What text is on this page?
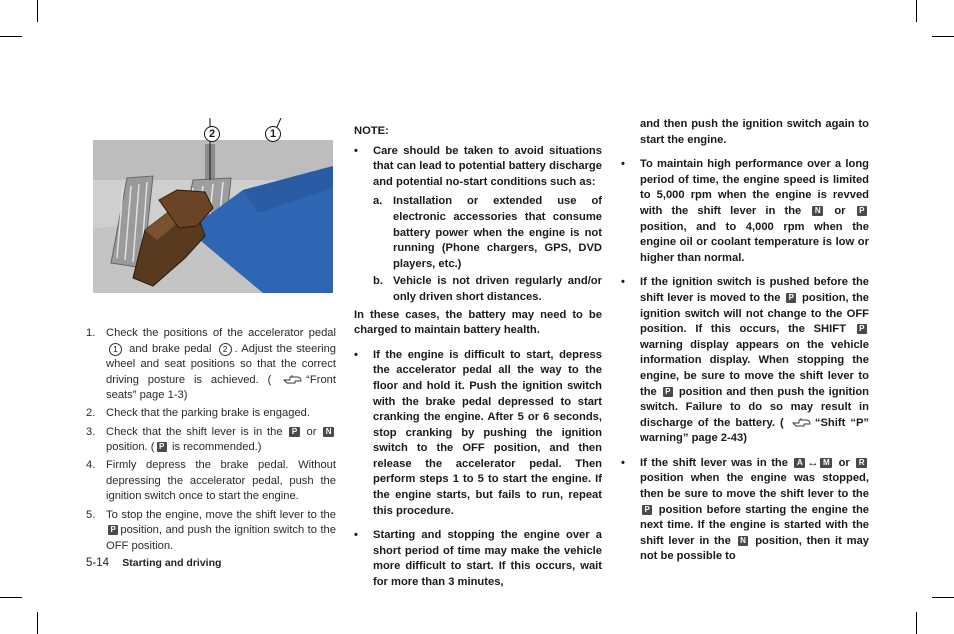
2	1
1. Check the positions of the accelerator pedal 1 and brake pedal 2 . Adjust the steering wheel and seat positions so that the correct driving posture is achieved. (	“Front seats” page 1-3)
2. Check that the parking brake is engaged.
3. Check that the shift lever is in the P or N position. ( P is recommended.)
4. Firmly depress the brake pedal. Without depressing the accelerator pedal, push the ignition switch once to start the engine.
5. To stop the engine, move the shift lever to the P position, and push the ignition switch to the OFF position.
NOTE:
• Care should be taken to avoid situations that can lead to potential battery discharge and potential no-start conditions such as:
a. Installation or extended use of electronic accessories that consume battery power when the engine is not running (Phone chargers, GPS, DVD players, etc.)
b. Vehicle is not driven regularly and/or only driven short distances.
In these cases, the battery may need to be charged to maintain battery health.
• If the engine is difficult to start, depress the accelerator pedal all the way to the floor and hold it. Push the ignition switch with the brake pedal depressed to start cranking the engine. After 5 or 6 seconds, stop cranking by pushing the ignition switch to the OFF position, and then release the accelerator pedal. Then perform steps 1 to 5 to start the engine. If the engine starts, but fails to run, repeat this procedure.
• Starting and stopping the engine over a short period of time may make the vehicle more difficult to start. If this occurs, wait for more than 3 minutes,
and then push the ignition switch again to start the engine.
• To maintain high performance over a long period of time, the engine speed is limited to 5,000 rpm when the engine is revved with the shift lever in the N or P position, and to 4,000 rpm when the engine oil or coolant temperature is low or higher than normal.
• If the ignition switch is pushed before the shift lever is moved to the P position, the ignition switch will not change to the OFF position. If this occurs, the SHIFT P warning display appears on the vehicle information display. When stopping the engine, be sure to move the shift lever to the P position and then push the ignition switch. Failure to do so may result in discharge of the battery. (	“Shift “P” warning” page 2-43)
• If the shift lever was in the A ↔ M or R position when the engine was stopped, then be sure to move the shift lever to the P position before starting the engine the next time. If the engine is started with the shift lever in the N position, then it may not be possible to
5-14 Starting and driving
